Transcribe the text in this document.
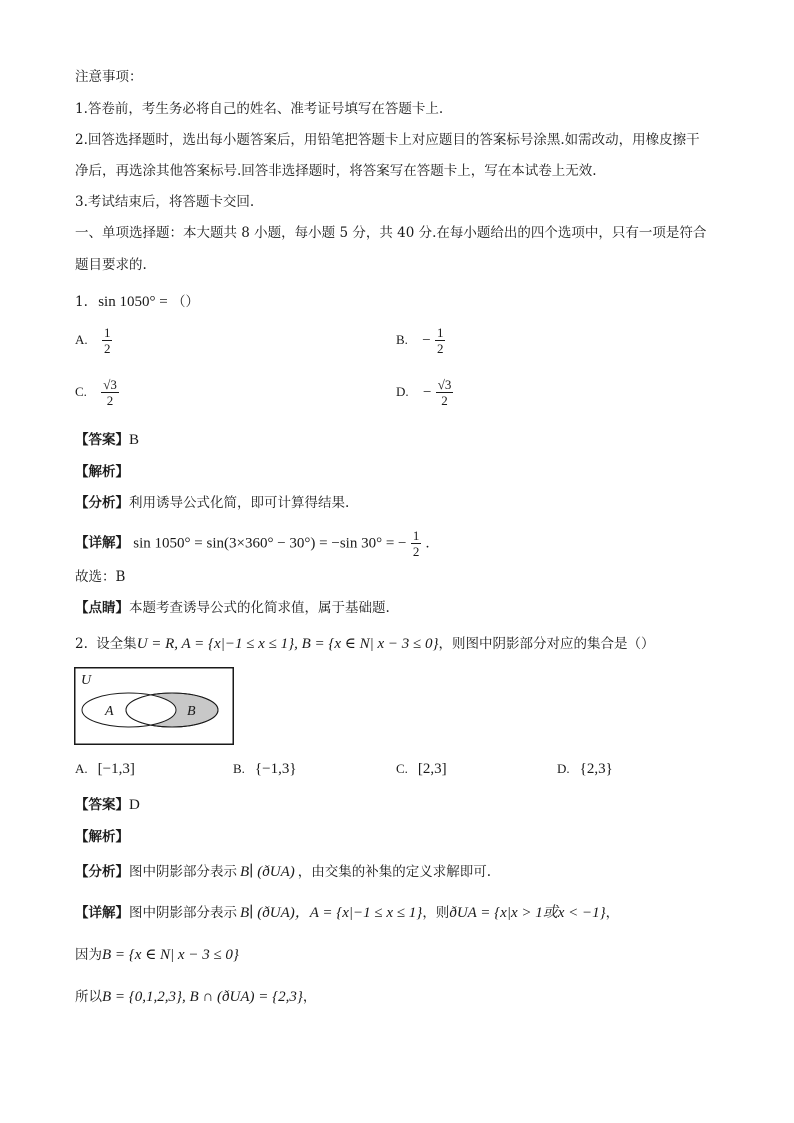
注意事项：
1.答卷前，考生务必将自己的姓名、准考证号填写在答题卡上.
2.回答选择题时，选出每小题答案后，用铅笔把答题卡上对应题目的答案标号涂黑.如需改动，用橡皮擦干
净后，再选涂其他答案标号.回答非选择题时，将答案写在答题卡上，写在本试卷上无效.
3.考试结束后，将答题卡交回.
一、单项选择题：本大题共 8 小题，每小题 5 分，共 40 分.在每小题给出的四个选项中，只有一项是符合
题目要求的.
1. sin 1050° = （）
A. $\frac{1}{2}$	B. − $\frac{1}{2}$
C. $\frac{√3}{2}$	D. − $\frac{√3}{2}$
【答案】B
【解析】
【分析】利用诱导公式化简，即可计算得结果.
【详解】 sin 1050° = sin(3×360° − 30°) = −sin 30° = − $\frac{1}{2}$ .
故选：B
【点睛】本题考查诱导公式的化简求值，属于基础题.
2. 设全集U = R, A = {x|−1 ≤ x ≤ 1}, B = {x ∈ N| x − 3 ≤ 0}，则图中阴影部分对应的集合是（）
U
A	B
A. [−1,3]	B. {−1,3}	C. [2,3]	D. {2,3}
【答案】D
【解析】
【分析】图中阴影部分表示 B∣ (ðUA) ，由交集的补集的定义求解即可.
【详解】图中阴影部分表示 B∣ (ðUA)，A = {x|−1 ≤ x ≤ 1}，则ðUA = {x|x > 1或x < −1}，
因为B = {x ∈ N| x − 3 ≤ 0}
所以B = {0,1,2,3}, B ∩ (ðUA) = {2,3}，
